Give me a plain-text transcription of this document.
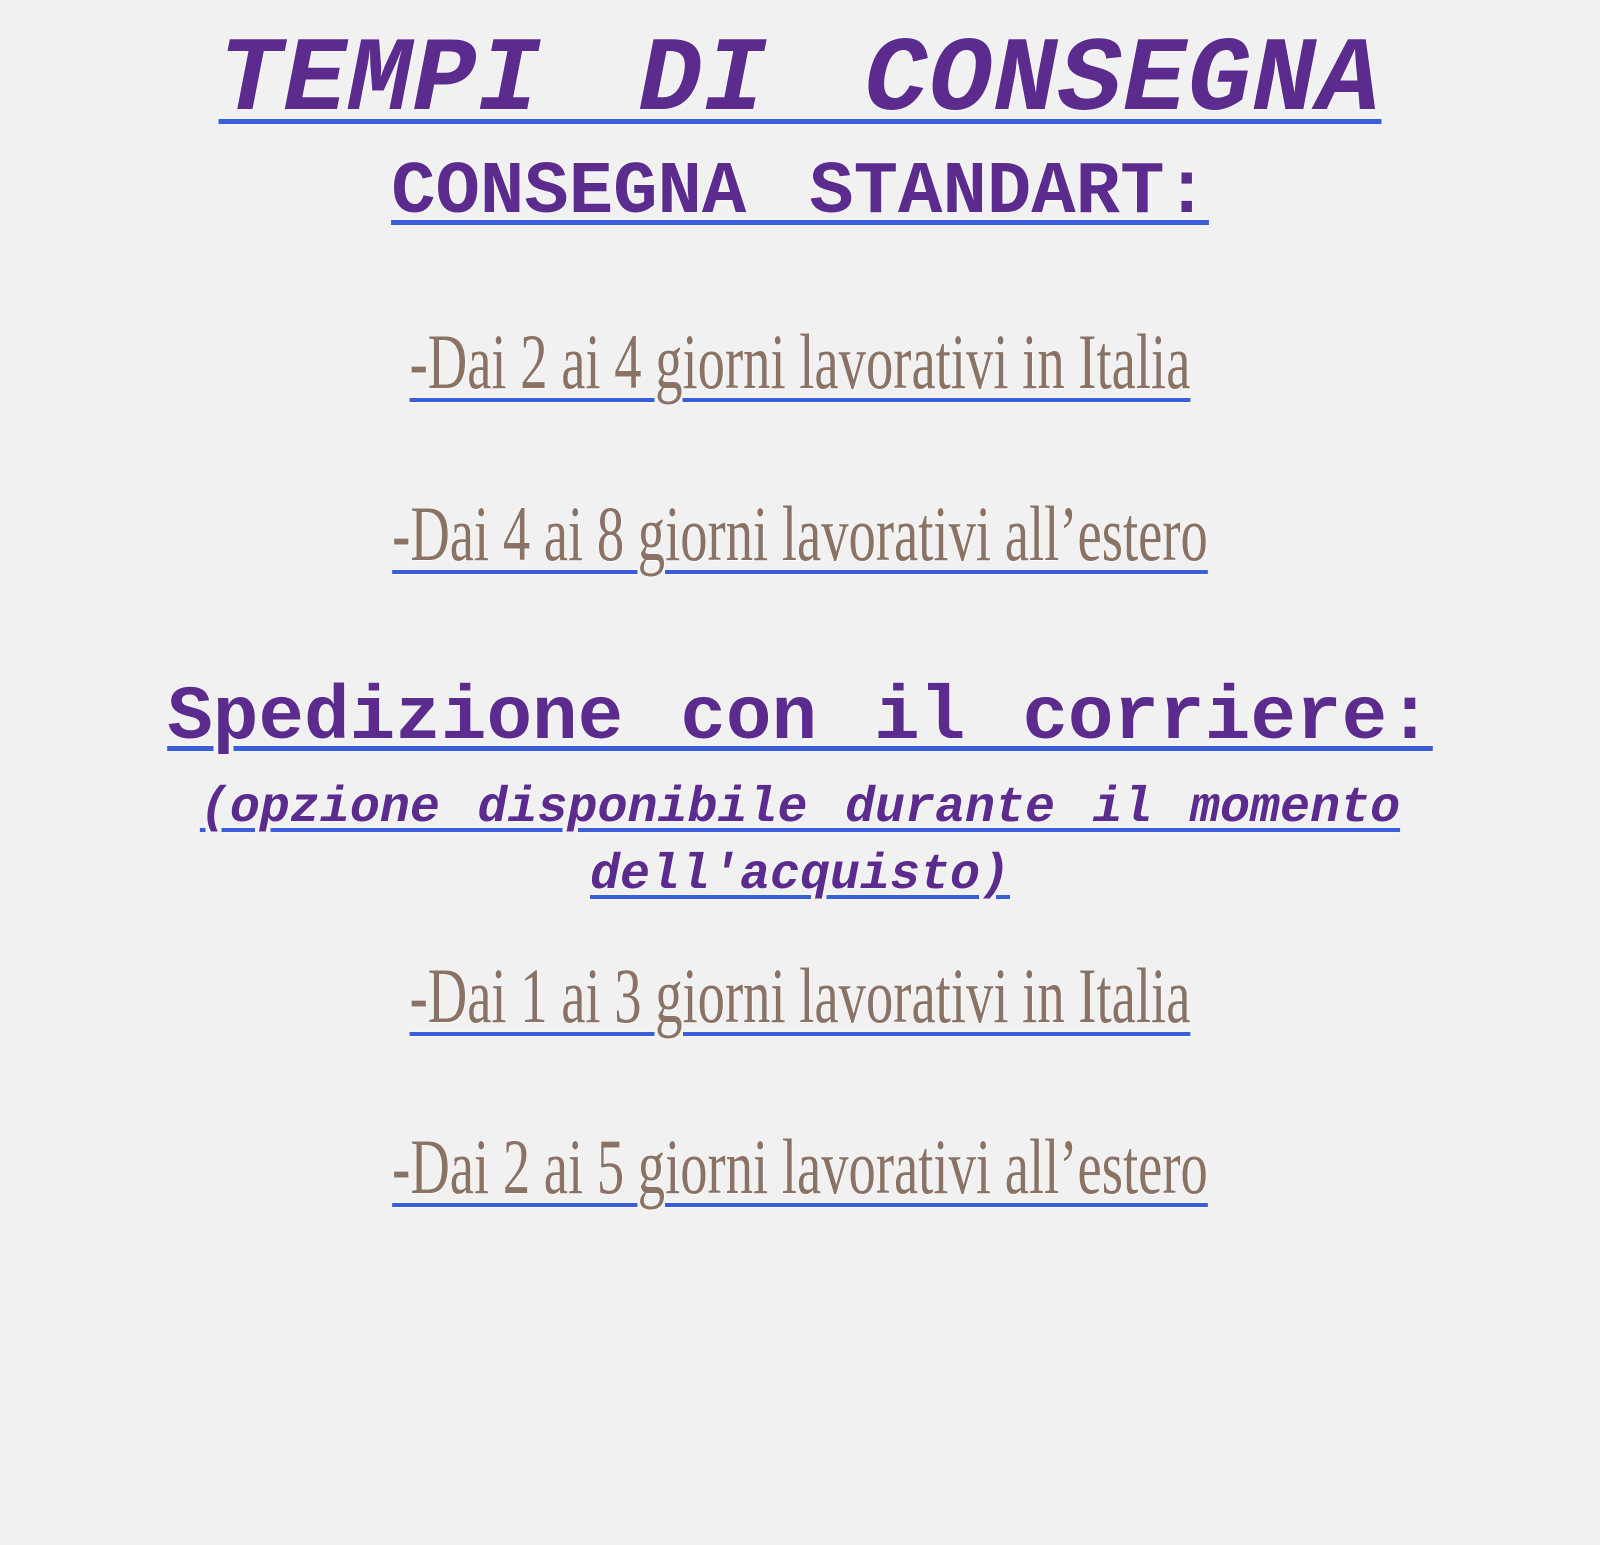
TEMPI DI CONSEGNA
CONSEGNA STANDART:

-Dai 2 ai 4 giorni lavorativi in Italia

-Dai 4 ai 8 giorni lavorativi all’estero

Spedizione con il corriere:

(opzione disponibile durante il momento dell'acquisto)

-Dai 1 ai 3 giorni lavorativi in Italia

-Dai 2 ai 5 giorni lavorativi all’estero
